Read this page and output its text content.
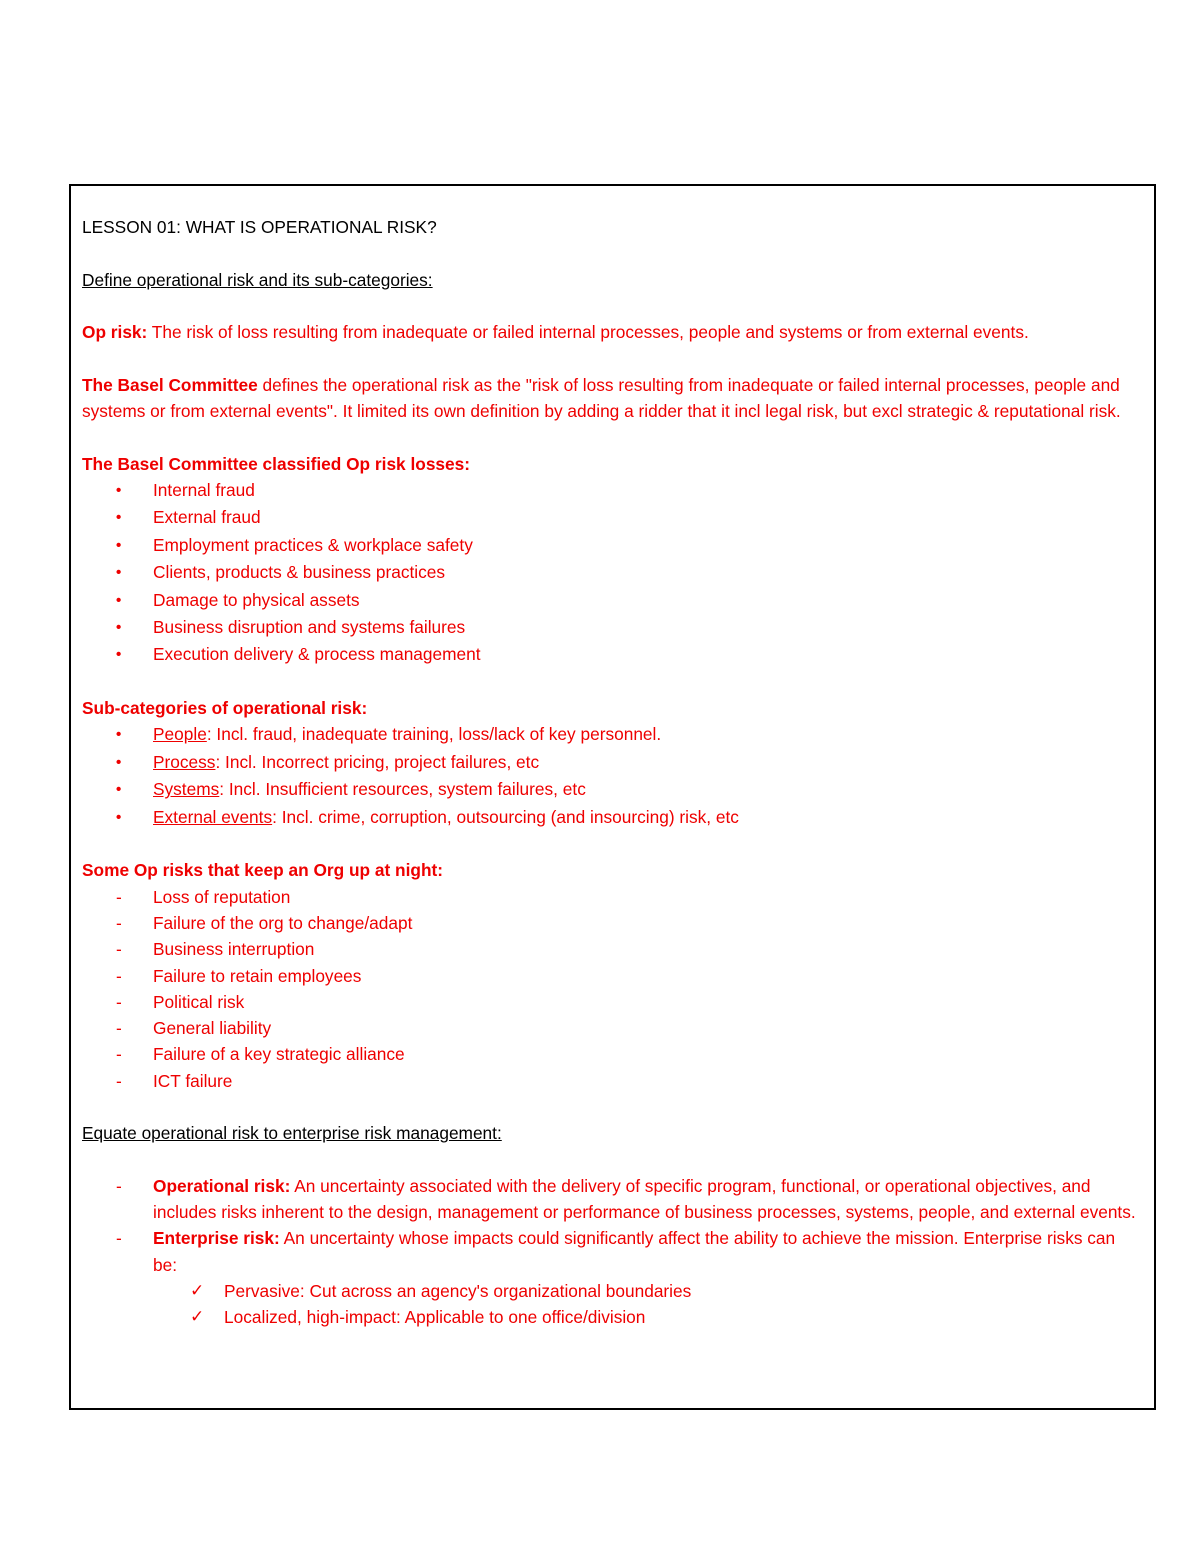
LESSON 01: WHAT IS OPERATIONAL RISK?

Define operational risk and its sub-categories:

Op risk: The risk of loss resulting from inadequate or failed internal processes, people and systems or from external events.

The Basel Committee defines the operational risk as the "risk of loss resulting from inadequate or failed internal processes, people and systems or from external events". It limited its own definition by adding a ridder that it incl legal risk, but excl strategic & reputational risk.

The Basel Committee classified Op risk losses:

•	Internal fraud
•	External fraud
•	Employment practices & workplace safety
•	Clients, products & business practices
•	Damage to physical assets
•	Business disruption and systems failures
•	Execution delivery & process management

Sub-categories of operational risk:

•	People: Incl. fraud, inadequate training, loss/lack of key personnel.
•	Process: Incl. Incorrect pricing, project failures, etc
•	Systems: Incl. Insufficient resources, system failures, etc
•	External events: Incl. crime, corruption, outsourcing (and insourcing) risk, etc

Some Op risks that keep an Org up at night:

-	Loss of reputation
-	Failure of the org to change/adapt
-	Business interruption
-	Failure to retain employees
-	Political risk
-	General liability
-	Failure of a key strategic alliance
-	ICT failure

Equate operational risk to enterprise risk management:

- Operational risk: An uncertainty associated with the delivery of specific program, functional, or operational objectives, and includes risks inherent to the design, management or performance of business processes, systems, people, and external events.
- Enterprise risk: An uncertainty whose impacts could significantly affect the ability to achieve the mission. Enterprise risks can be:
✓	Pervasive: Cut across an agency's organizational boundaries
✓	Localized, high-impact: Applicable to one office/division
